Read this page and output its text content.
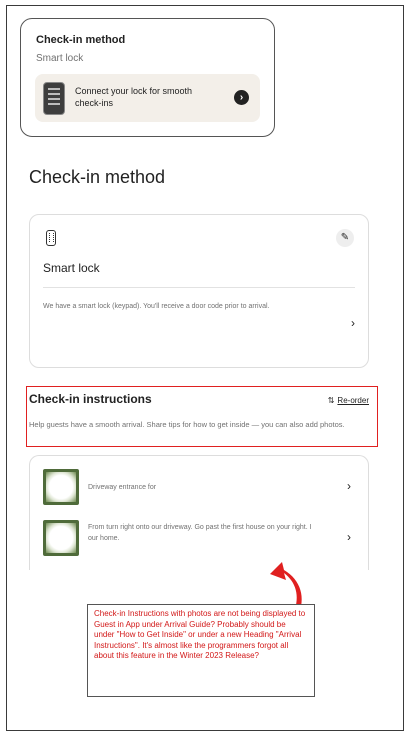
Check-in method
Smart lock
Connect your lock for smooth check-ins	›
Check-in method
✎
Smart lock
We have a smart lock (keypad). You'll receive a door code prior to arrival.
›
Check-in instructions	⇅ Re-order
Help guests have a smooth arrival. Share tips for how to get inside — you can also add photos.
Driveway entrance for	›
From turn right onto our driveway. Go past the first house on your right. I our home.	›
Check-in Instructions with photos are not being displayed to Guest in App under Arrival Guide? Probably should be under "How to Get Inside" or under a new Heading "Arrival Instructions". It's almost like the programmers forgot all about this feature in the Winter 2023 Release?
